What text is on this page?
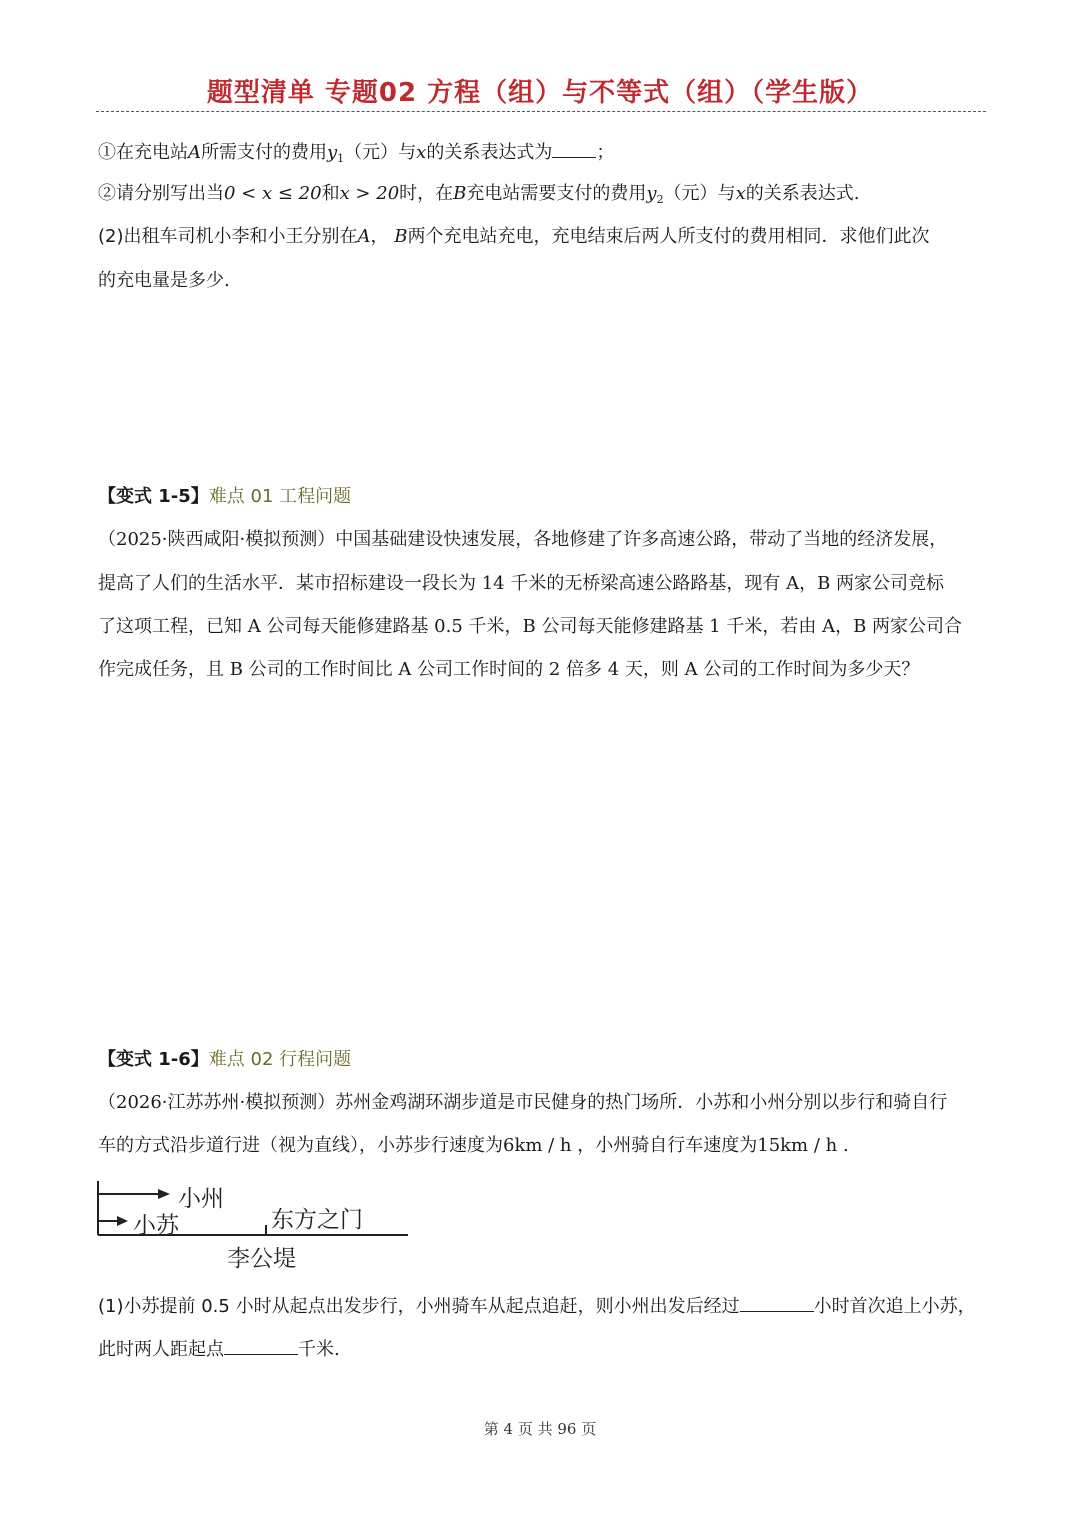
题型清单 专题02 方程（组）与不等式（组）（学生版）
①在充电站A所需支付的费用$y_1$（元）与x的关系表达式为 ；
②请分别写出当0 < x ≤ 20和x > 20时，在B充电站需要支付的费用$y_2$（元）与x的关系表达式.
(2)出租车司机小李和小王分别在A， B两个充电站充电，充电结束后两人所支付的费用相同．求他们此次
的充电量是多少.
【变式 1-5】难点 01 工程问题
（2025·陕西咸阳·模拟预测）中国基础建设快速发展，各地修建了许多高速公路，带动了当地的经济发展，
提高了人们的生活水平．某市招标建设一段长为 14 千米的无桥梁高速公路路基，现有 A，B 两家公司竞标
了这项工程，已知 A 公司每天能修建路基 0.5 千米，B 公司每天能修建路基 1 千米，若由 A，B 两家公司合
作完成任务，且 B 公司的工作时间比 A 公司工作时间的 2 倍多 4 天，则 A 公司的工作时间为多少天？
【变式 1-6】难点 02 行程问题
（2026·江苏苏州·模拟预测）苏州金鸡湖环湖步道是市民健身的热门场所．小苏和小州分别以步行和骑自行
车的方式沿步道行进（视为直线），小苏步行速度为6km / h ，小州骑自行车速度为15km / h .
小州
小苏	东方之门
李公堤
(1)小苏提前 0.5 小时从起点出发步行，小州骑车从起点追赶，则小州出发后经过	小时首次追上小苏，
此时两人距起点	千米.
第 4 页 共 96 页
